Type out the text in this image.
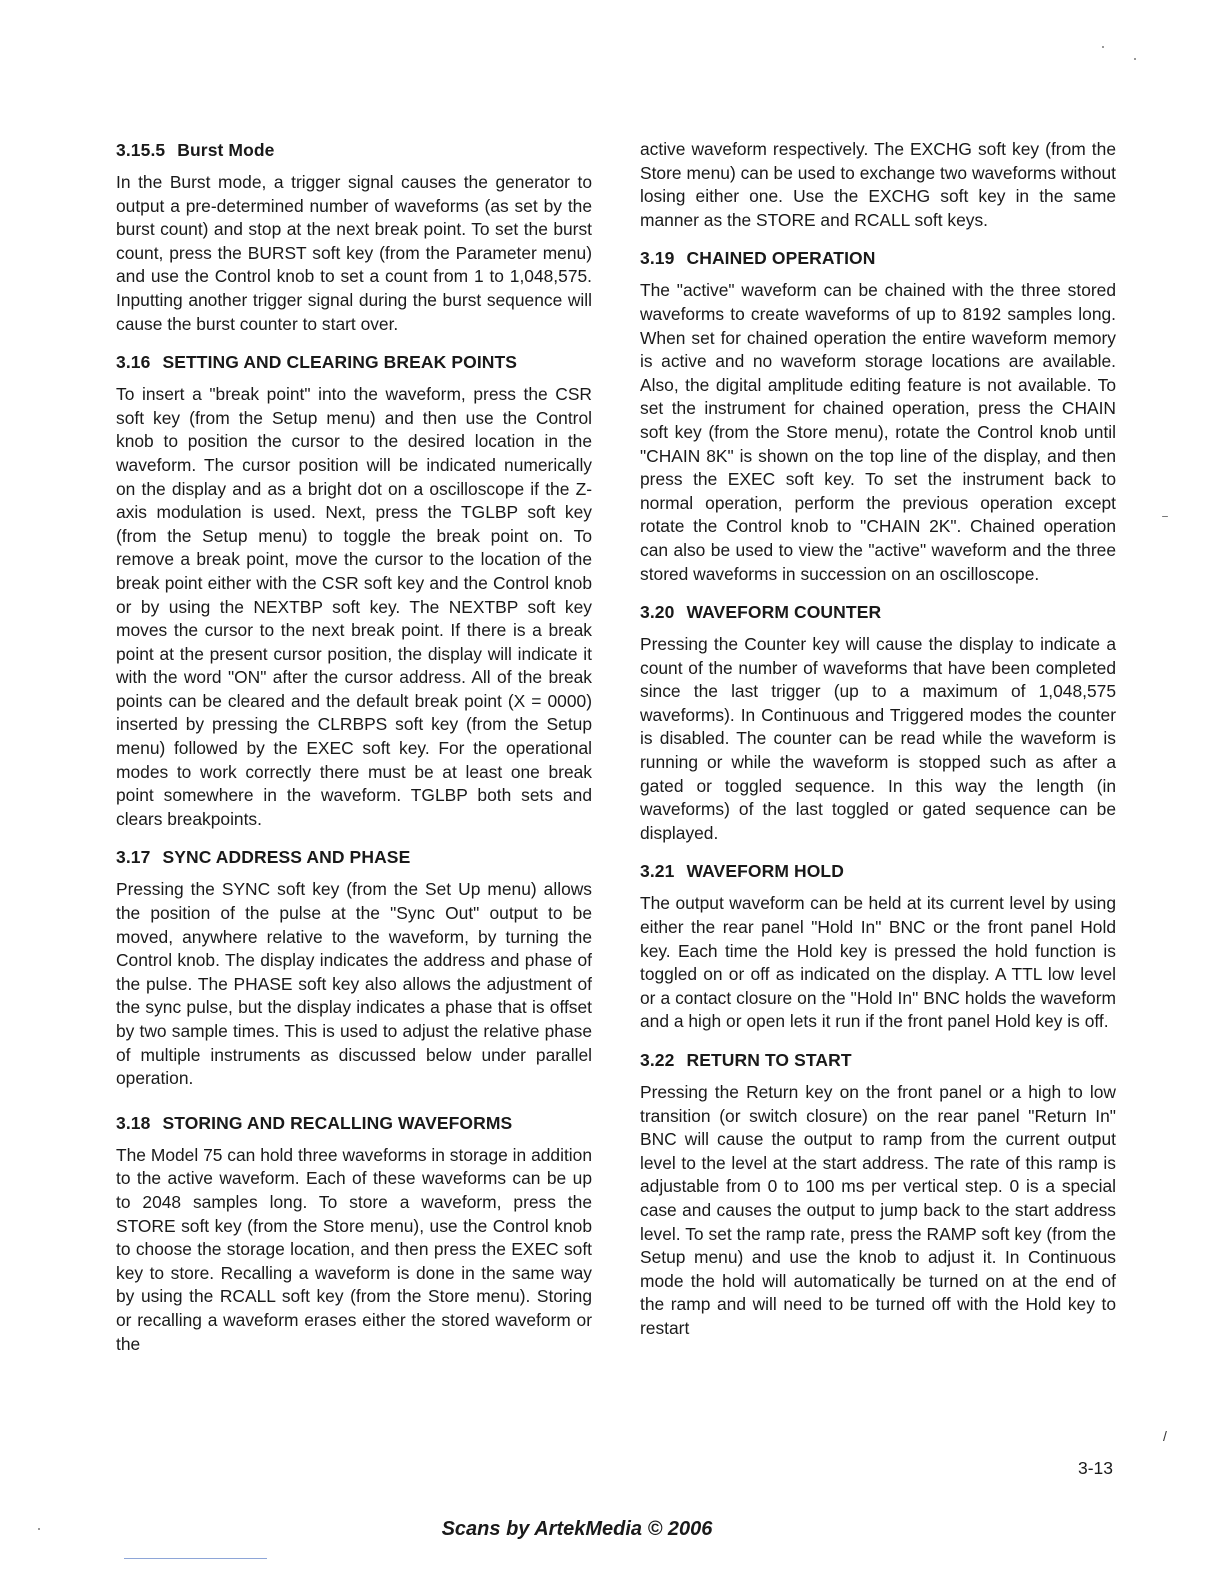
3.15.5 Burst Mode

In the Burst mode, a trigger signal causes the generator to output a pre-determined number of waveforms (as set by the burst count) and stop at the next break point. To set the burst count, press the BURST soft key (from the Parameter menu) and use the Control knob to set a count from 1 to 1,048,575. Inputting another trigger signal during the burst sequence will cause the burst counter to start over.

3.16 SETTING AND CLEARING BREAK POINTS

To insert a "break point" into the waveform, press the CSR soft key (from the Setup menu) and then use the Control knob to position the cursor to the desired location in the waveform. The cursor position will be indicated numerically on the display and as a bright dot on a oscilloscope if the Z-axis modulation is used. Next, press the TGLBP soft key (from the Setup menu) to toggle the break point on. To remove a break point, move the cursor to the location of the break point either with the CSR soft key and the Control knob or by using the NEXTBP soft key. The NEXTBP soft key moves the cursor to the next break point. If there is a break point at the present cursor position, the display will indicate it with the word "ON" after the cursor address. All of the break points can be cleared and the default break point (X = 0000) inserted by pressing the CLRBPS soft key (from the Setup menu) followed by the EXEC soft key. For the operational modes to work correctly there must be at least one break point somewhere in the waveform. TGLBP both sets and clears breakpoints.

3.17 SYNC ADDRESS AND PHASE

Pressing the SYNC soft key (from the Set Up menu) allows the position of the pulse at the "Sync Out" output to be moved, anywhere relative to the waveform, by turning the Control knob. The display indicates the address and phase of the pulse. The PHASE soft key also allows the adjustment of the sync pulse, but the display indicates a phase that is offset by two sample times. This is used to adjust the relative phase of multiple instruments as discussed below under parallel operation.

3.18 STORING AND RECALLING WAVEFORMS

The Model 75 can hold three waveforms in storage in addition to the active waveform. Each of these waveforms can be up to 2048 samples long. To store a waveform, press the STORE soft key (from the Store menu), use the Control knob to choose the storage location, and then press the EXEC soft key to store. Recalling a waveform is done in the same way by using the RCALL soft key (from the Store menu). Storing or recalling a waveform erases either the stored waveform or the

active waveform respectively. The EXCHG soft key (from the Store menu) can be used to exchange two waveforms without losing either one. Use the EXCHG soft key in the same manner as the STORE and RCALL soft keys.

3.19 CHAINED OPERATION

The "active" waveform can be chained with the three stored waveforms to create waveforms of up to 8192 samples long. When set for chained operation the entire waveform memory is active and no waveform storage locations are available. Also, the digital amplitude editing feature is not available. To set the instrument for chained operation, press the CHAIN soft key (from the Store menu), rotate the Control knob until "CHAIN 8K" is shown on the top line of the display, and then press the EXEC soft key. To set the instrument back to normal operation, perform the previous operation except rotate the Control knob to "CHAIN 2K". Chained operation can also be used to view the "active" waveform and the three stored waveforms in succession on an oscilloscope.

3.20 WAVEFORM COUNTER

Pressing the Counter key will cause the display to indicate a count of the number of waveforms that have been completed since the last trigger (up to a maximum of 1,048,575 waveforms). In Continuous and Triggered modes the counter is disabled. The counter can be read while the waveform is running or while the waveform is stopped such as after a gated or toggled sequence. In this way the length (in waveforms) of the last toggled or gated sequence can be displayed.

3.21 WAVEFORM HOLD

The output waveform can be held at its current level by using either the rear panel "Hold In" BNC or the front panel Hold key. Each time the Hold key is pressed the hold function is toggled on or off as indicated on the display. A TTL low level or a contact closure on the "Hold In" BNC holds the waveform and a high or open lets it run if the front panel Hold key is off.

3.22 RETURN TO START

Pressing the Return key on the front panel or a high to low transition (or switch closure) on the rear panel "Return In" BNC will cause the output to ramp from the current output level to the level at the start address. The rate of this ramp is adjustable from 0 to 100 ms per vertical step. 0 is a special case and causes the output to jump back to the start address level. To set the ramp rate, press the RAMP soft key (from the Setup menu) and use the knob to adjust it. In Continuous mode the hold will automatically be turned on at the end of the ramp and will need to be turned off with the Hold key to restart

3-13
Scans by ArtekMedia © 2006
/
